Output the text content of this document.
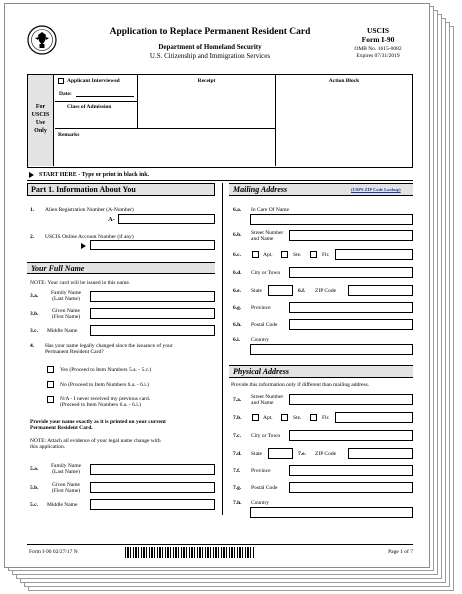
Application to Replace Permanent Resident Card
Department of Homeland Security
U.S. Citizenship and Immigration Services
USCIS
Form I-90
OMB No. 1615-0082
Expires 07/31/2019
For
USCIS
Use
Only
Applicant Interviewed
Date:
Class of Admission
Remarks
Receipt	Action Block
START HERE - Type or print in black ink.
Part 1. Information About You
1. Alien Registration Number (A-Number)
A-
2. USCIS Online Account Number (if any)
Your Full Name
NOTE: Your card will be issued in this name.
3.a.	Family Name
(Last Name)
3.b.	Given Name
(First Name)
3.c. Middle Name
4. Has your name legally changed since the issuance of your
Permanent Resident Card?
Yes (Proceed to Item Numbers 5.a. - 5.c.)
No (Proceed to Item Numbers 6.a. - 6.i.)
N/A - I never received my previous card.
(Proceed to Item Numbers 6.a. - 6.i.)
Provide your name exactly as it is printed on your current
Permanent Resident Card.
NOTE: Attach all evidence of your legal name change with
this application.
5.a.	Family Name
(Last Name)
5.b.	Given Name
(First Name)
5.c. Middle Name
Mailing Address	(USPS ZIP Code Lookup)
6.a. In Care Of Name
6.b. Street Number
and Name
6.c.	Apt.	Ste.	Flr.
6.d. City or Town
6.e. State	6.f. ZIP Code
6.g. Province
6.h. Postal Code
6.i. Country
Physical Address
Provide this information only if different than mailing address.
7.a. Street Number
and Name
7.b.	Apt.	Ste.	Flr.
7.c. City or Town
7.d. State	7.e. ZIP Code
7.f. Province
7.g. Postal Code
7.h. Country
Form I-90 02/27/17 N	Page 1 of 7
